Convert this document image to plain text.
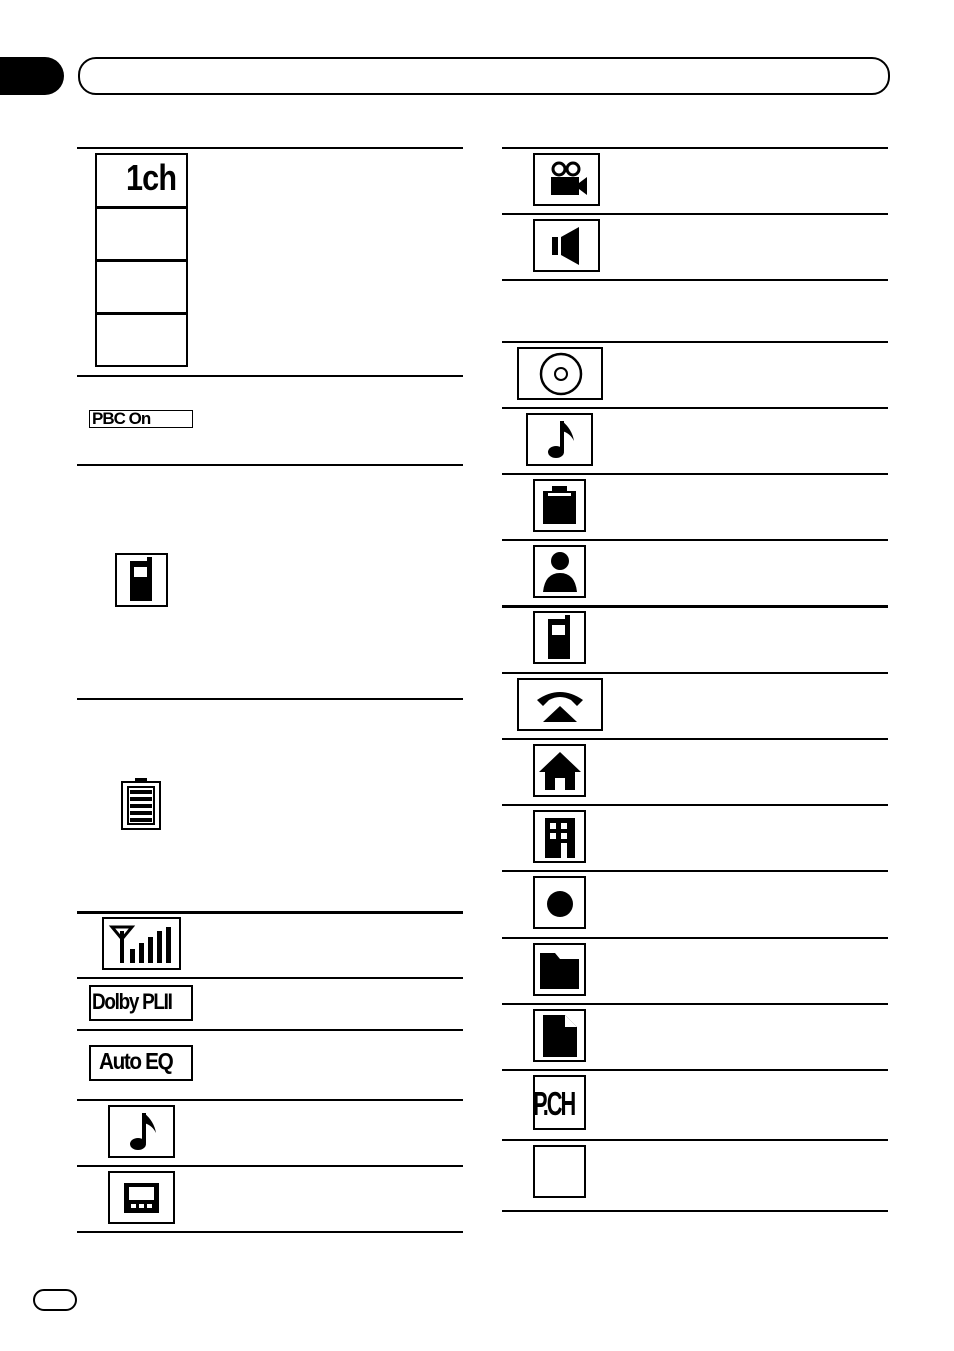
1ch
PBC On
Dolby PLII
Auto EQ
P.CH
